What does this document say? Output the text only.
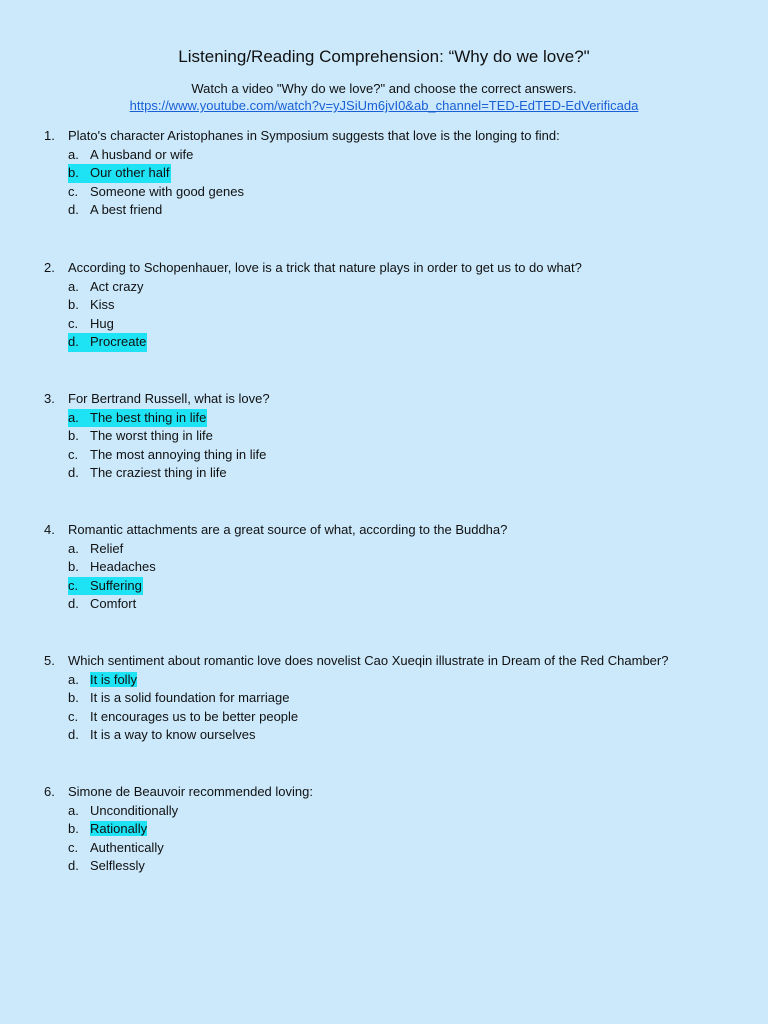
Listening/Reading Comprehension: “Why do we love?"
Watch a video "Why do we love?" and choose the correct answers.
https://www.youtube.com/watch?v=yJSiUm6jvI0&ab_channel=TED-EdTED-EdVerificada
1. Plato's character Aristophanes in Symposium suggests that love is the longing to find:
a. A husband or wife
b. Our other half
c. Someone with good genes
d. A best friend
2. According to Schopenhauer, love is a trick that nature plays in order to get us to do what?
a. Act crazy
b. Kiss
c. Hug
d. Procreate
3. For Bertrand Russell, what is love?
a. The best thing in life
b. The worst thing in life
c. The most annoying thing in life
d. The craziest thing in life
4. Romantic attachments are a great source of what, according to the Buddha?
a. Relief
b. Headaches
c. Suffering
d. Comfort
5. Which sentiment about romantic love does novelist Cao Xueqin illustrate in Dream of the Red Chamber?
a. It is folly
b. It is a solid foundation for marriage
c. It encourages us to be better people
d. It is a way to know ourselves
6. Simone de Beauvoir recommended loving:
a. Unconditionally
b. Rationally
c. Authentically
d. Selflessly
